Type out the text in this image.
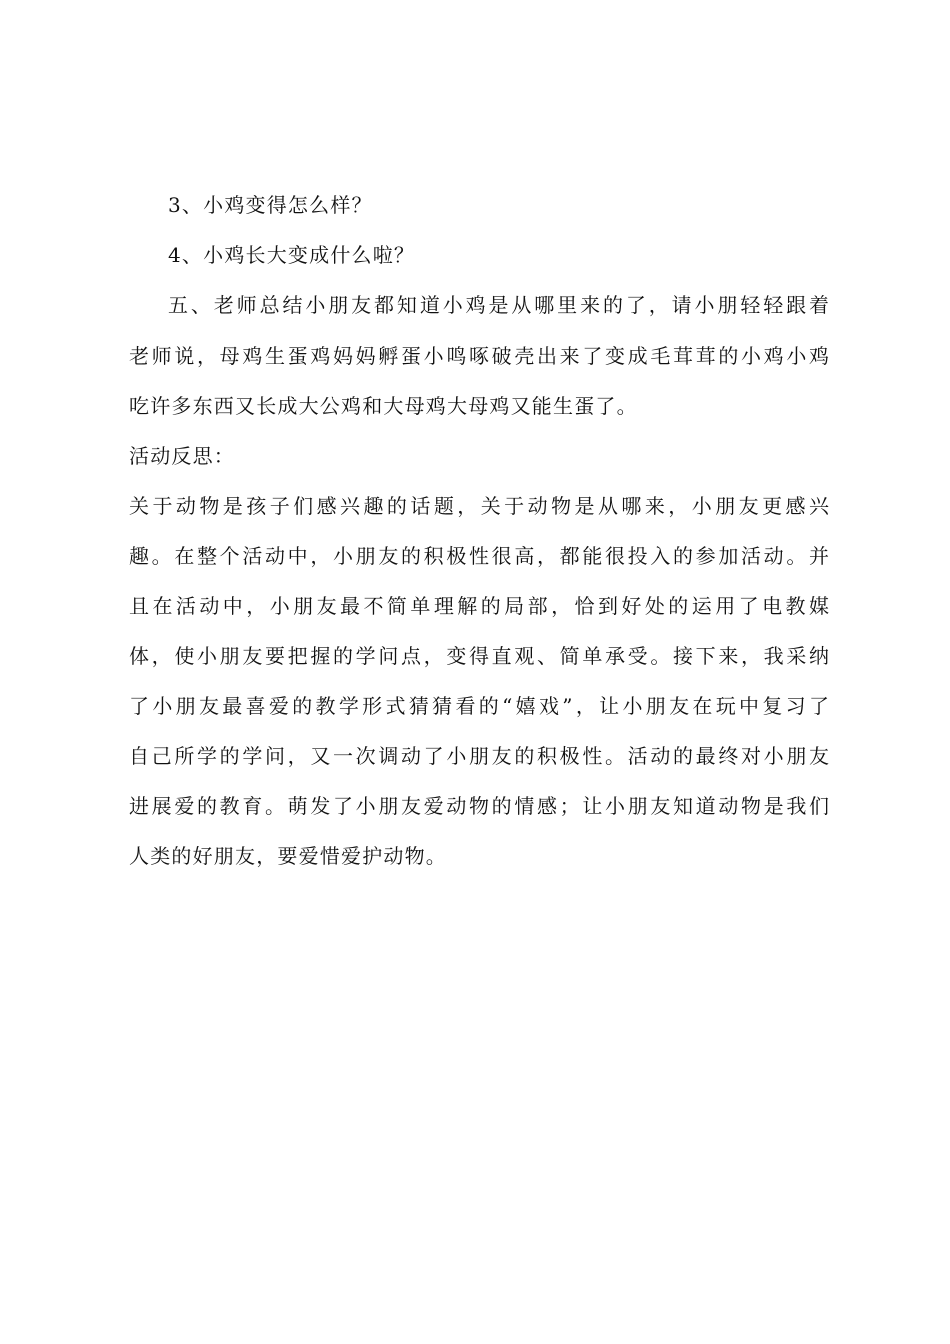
3、小鸡变得怎么样？
4、小鸡长大变成什么啦？
五、老师总结小朋友都知道小鸡是从哪里来的了，请小朋轻轻跟着
老师说，母鸡生蛋鸡妈妈孵蛋小鸣啄破壳出来了变成毛茸茸的小鸡小鸡
吃许多东西又长成大公鸡和大母鸡大母鸡又能生蛋了。
活动反思：
关于动物是孩子们感兴趣的话题，关于动物是从哪来，小朋友更感兴
趣。在整个活动中，小朋友的积极性很高，都能很投入的参加活动。并
且在活动中，小朋友最不简单理解的局部，恰到好处的运用了电教媒
体，使小朋友要把握的学问点，变得直观、简单承受。接下来，我采纳
了小朋友最喜爱的教学形式猜猜看的“嬉戏”，让小朋友在玩中复习了
自己所学的学问，又一次调动了小朋友的积极性。活动的最终对小朋友
进展爱的教育。萌发了小朋友爱动物的情感；让小朋友知道动物是我们
人类的好朋友，要爱惜爱护动物。
